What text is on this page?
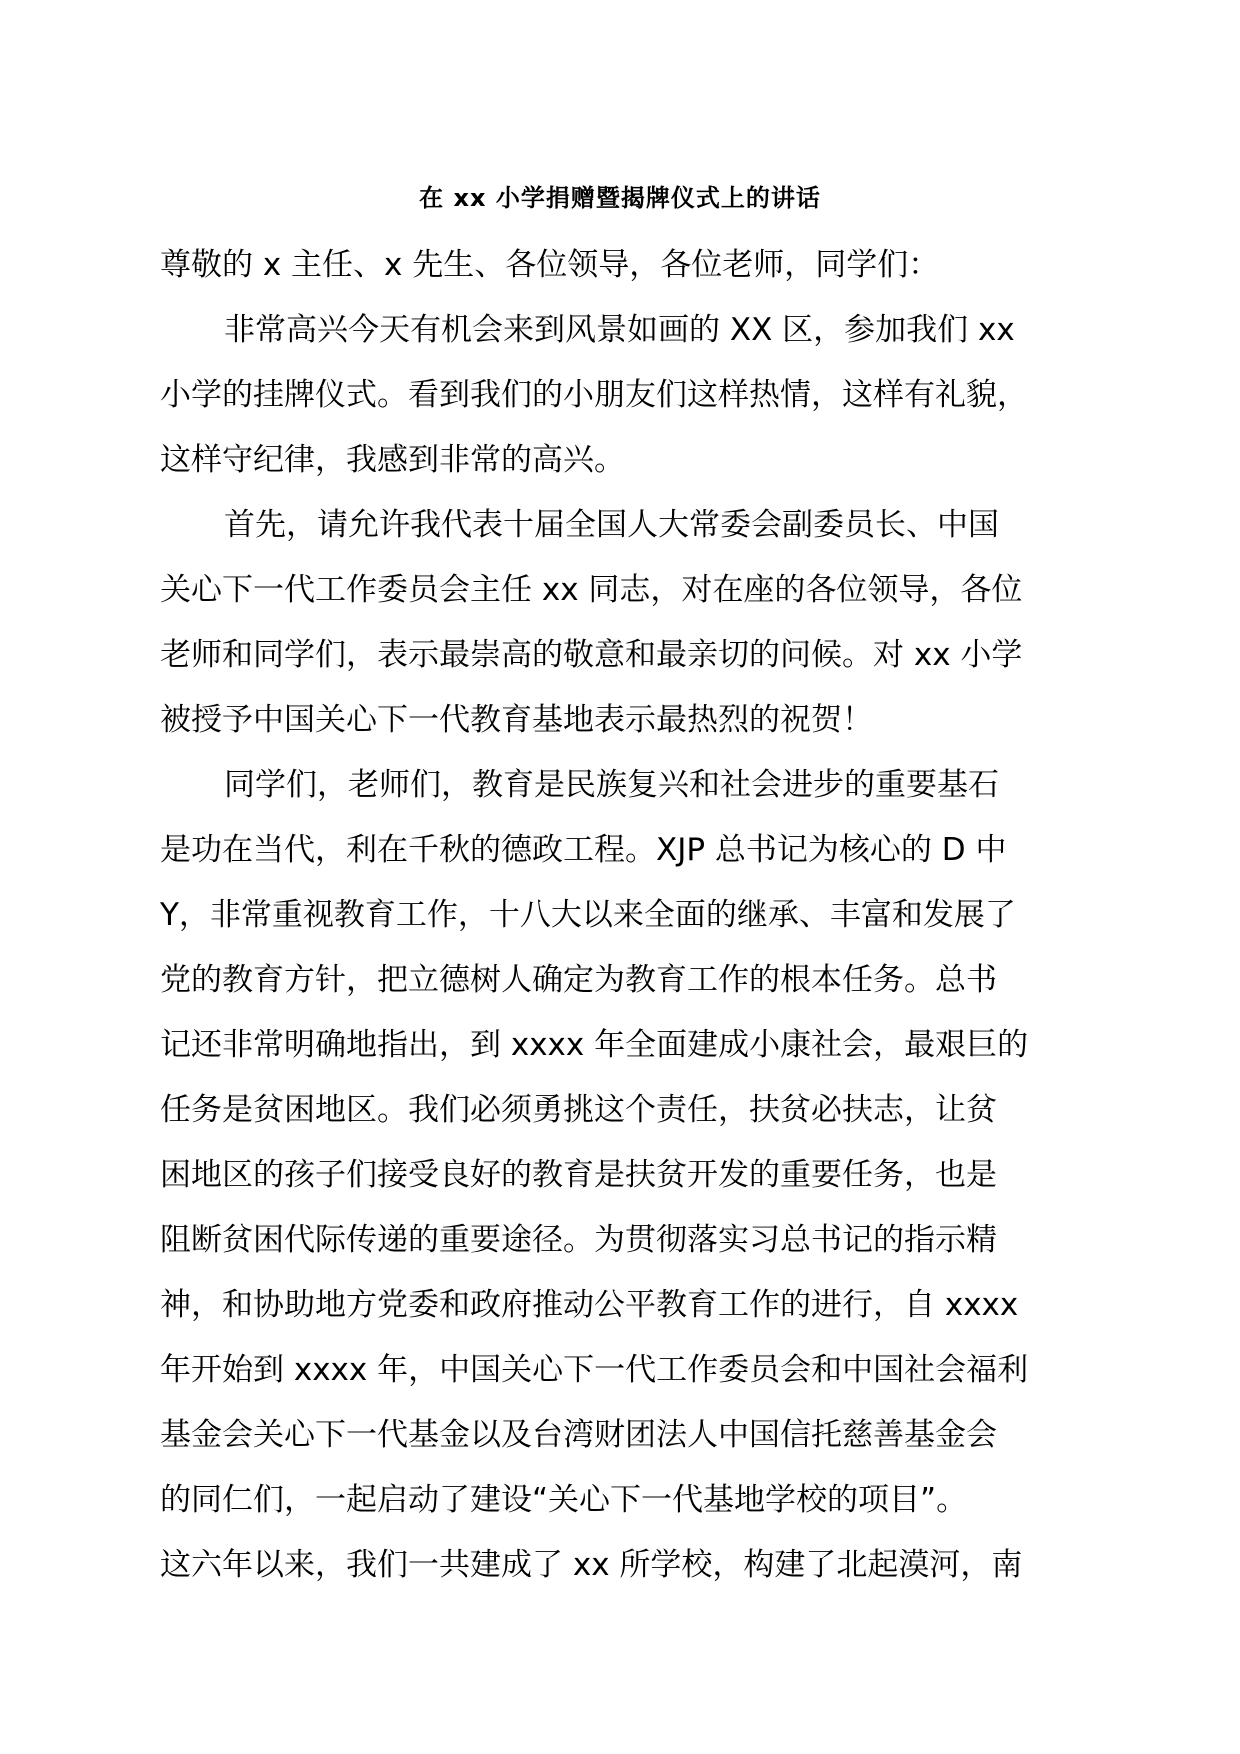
在 xx 小学捐赠暨揭牌仪式上的讲话

尊敬的 x 主任、x 先生、各位领导，各位老师，同学们：

非常高兴今天有机会来到风景如画的 XX 区，参加我们 xx

小学的挂牌仪式。看到我们的小朋友们这样热情，这样有礼貌，

这样守纪律，我感到非常的高兴。

首先，请允许我代表十届全国人大常委会副委员长、中国

关心下一代工作委员会主任 xx 同志，对在座的各位领导，各位

老师和同学们，表示最崇高的敬意和最亲切的问候。对 xx 小学

被授予中国关心下一代教育基地表示最热烈的祝贺！

同学们，老师们，教育是民族复兴和社会进步的重要基石

是功在当代，利在千秋的德政工程。XJP 总书记为核心的 D 中

Y，非常重视教育工作，十八大以来全面的继承、丰富和发展了

党的教育方针，把立德树人确定为教育工作的根本任务。总书

记还非常明确地指出，到 xxxx 年全面建成小康社会，最艰巨的

任务是贫困地区。我们必须勇挑这个责任，扶贫必扶志，让贫

困地区的孩子们接受良好的教育是扶贫开发的重要任务，也是

阻断贫困代际传递的重要途径。为贯彻落实习总书记的指示精

神，和协助地方党委和政府推动公平教育工作的进行，自 xxxx

年开始到 xxxx 年，中国关心下一代工作委员会和中国社会福利

基金会关心下一代基金以及台湾财团法人中国信托慈善基金会

的同仁们，一起启动了建设“关心下一代基地学校的项目”。

这六年以来，我们一共建成了 xx 所学校，构建了北起漠河，南
